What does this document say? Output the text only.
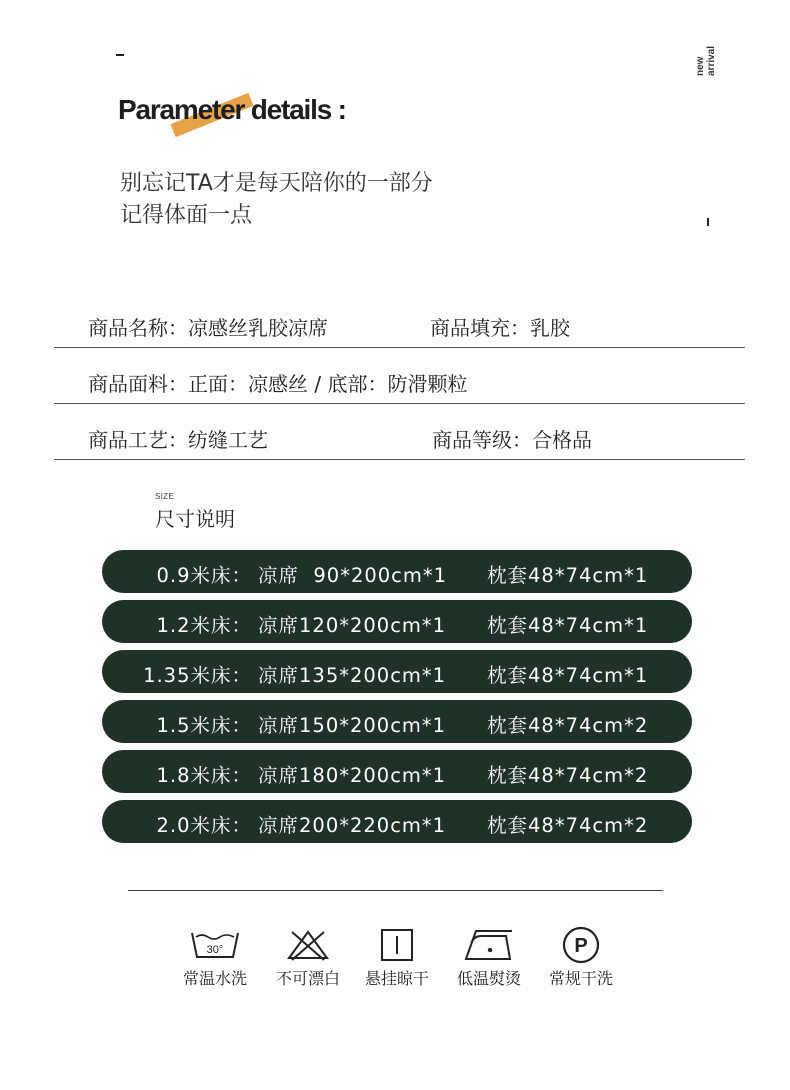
new arrival
Parameter details :
别忘记TA才是每天陪你的一部分
记得体面一点
商品名称：凉感丝乳胶凉席	商品填充：乳胶
商品面料：正面：凉感丝 / 底部：防滑颗粒
商品工艺：纺缝工艺	商品等级：合格品
SIZE
尺寸说明
0.9米床： 凉席  90*200cm*1 枕套48*74cm*1
1.2米床： 凉席120*200cm*1 枕套48*74cm*1
1.35米床： 凉席135*200cm*1 枕套48*74cm*1
1.5米床： 凉席150*200cm*1 枕套48*74cm*2
1.8米床： 凉席180*200cm*1 枕套48*74cm*2
2.0米床： 凉席200*220cm*1 枕套48*74cm*2
30°
常温水洗	不可漂白	悬挂晾干	低温熨烫
P
常规干洗
